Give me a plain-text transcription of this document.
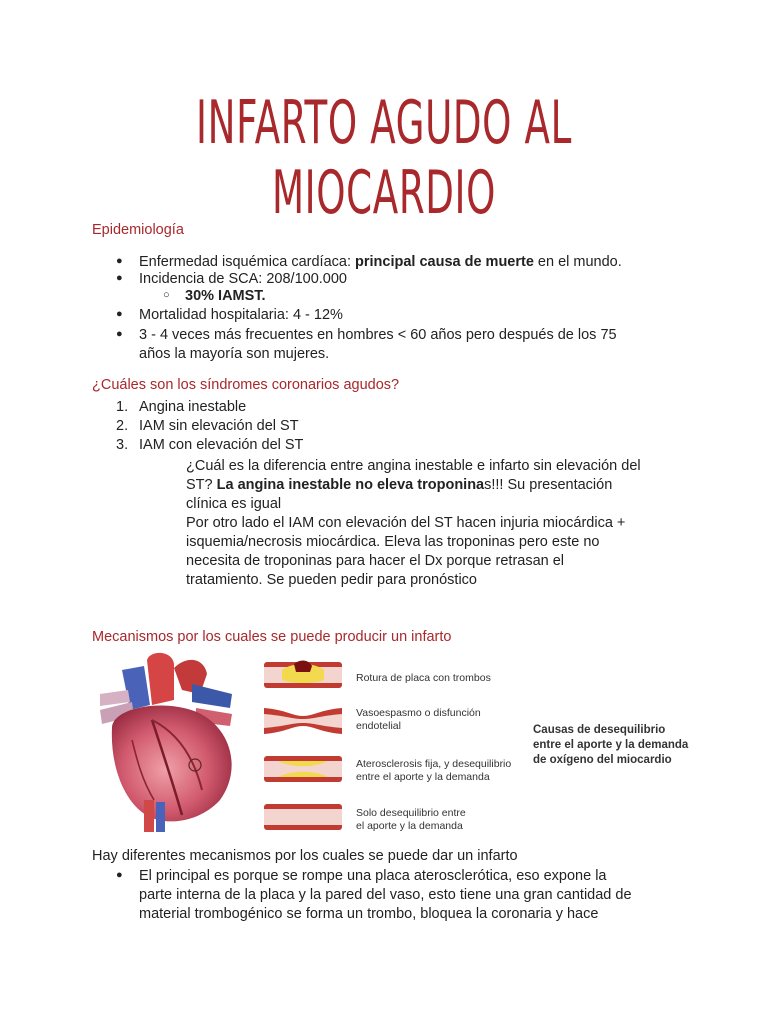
INFARTO AGUDO AL MIOCARDIO
Epidemiología
● Enfermedad isquémica cardíaca: principal causa de muerte en el mundo.
● Incidencia de SCA: 208/100.000
○ 30% IAMST.
● Mortalidad hospitalaria: 4 - 12%
● 3 - 4 veces más frecuentes en hombres < 60 años pero después de los 75
años la mayoría son mujeres.
¿Cuáles son los síndromes coronarios agudos?
1. Angina inestable
2. IAM sin elevación del ST
3. IAM con elevación del ST
¿Cuál es la diferencia entre angina inestable e infarto sin elevación del
ST? La angina inestable no eleva troponinas!!! Su presentación
clínica es igual
Por otro lado el IAM con elevación del ST hacen injuria miocárdica +
isquemia/necrosis miocárdica. Eleva las troponinas pero este no
necesita de troponinas para hacer el Dx porque retrasan el
tratamiento. Se pueden pedir para pronóstico
Mecanismos por los cuales se puede producir un infarto
Rotura de placa con trombos
Vasoespasmo o disfunción
endotelial
Aterosclerosis fija, y desequilibrio
entre el aporte y la demanda
Solo desequilibrio entre
el aporte y la demanda
Causas de desequilibrio
entre el aporte y la demanda
de oxígeno del miocardio
Hay diferentes mecanismos por los cuales se puede dar un infarto
● El principal es porque se rompe una placa aterosclerótica, eso expone la
parte interna de la placa y la pared del vaso, esto tiene una gran cantidad de
material trombogénico se forma un trombo, bloquea la coronaria y hace
